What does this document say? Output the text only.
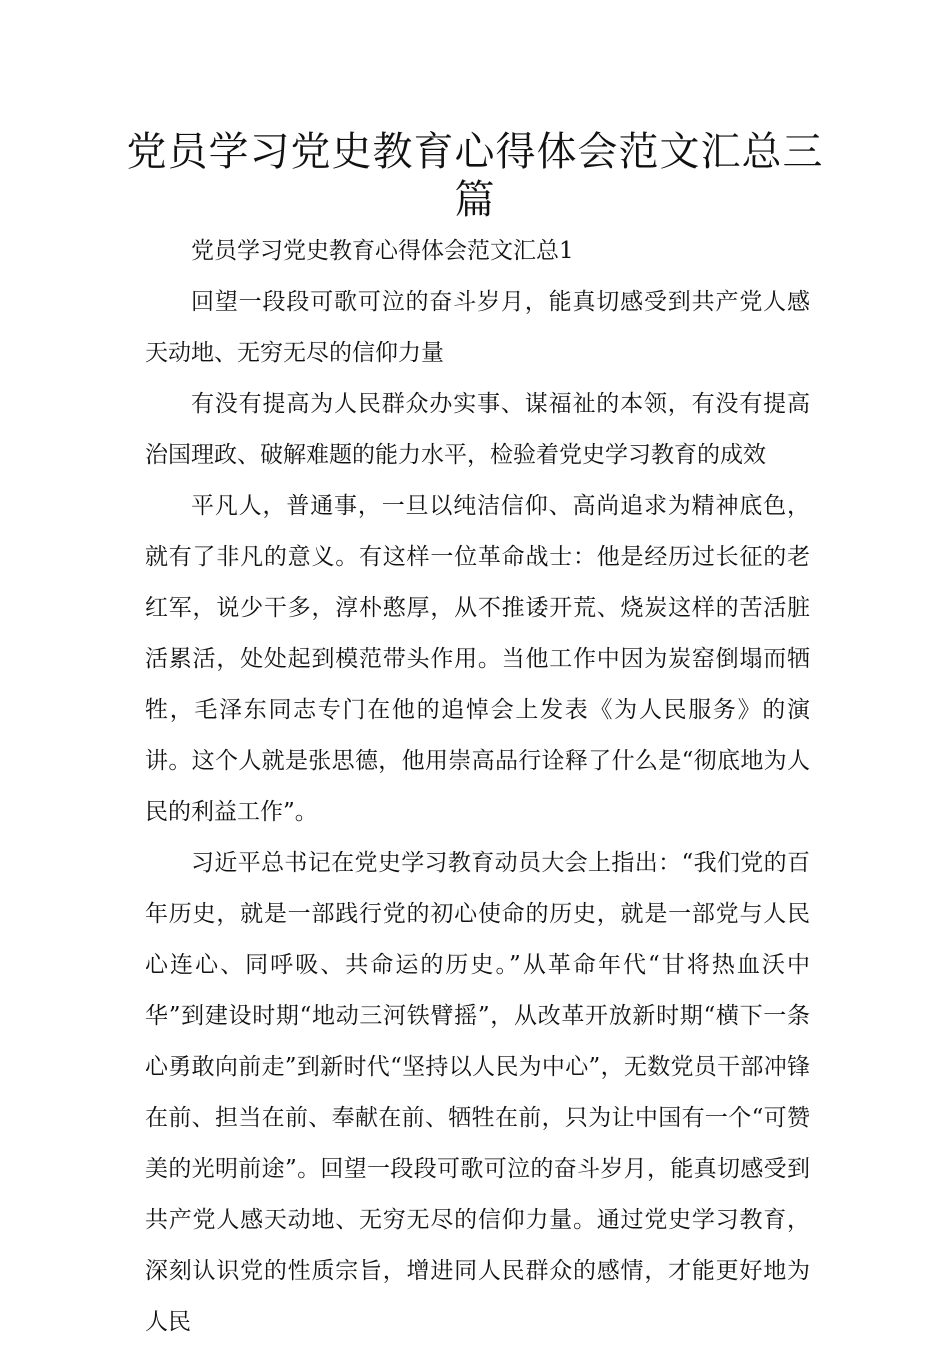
党员学习党史教育心得体会范文汇总三篇

党员学习党史教育心得体会范文汇总1

回望一段段可歌可泣的奋斗岁月，能真切感受到共产党人感天动地、无穷无尽的信仰力量

有没有提高为人民群众办实事、谋福祉的本领，有没有提高治国理政、破解难题的能力水平，检验着党史学习教育的成效

平凡人，普通事，一旦以纯洁信仰、高尚追求为精神底色，就有了非凡的意义。有这样一位革命战士：他是经历过长征的老红军，说少干多，淳朴憨厚，从不推诿开荒、烧炭这样的苦活脏活累活，处处起到模范带头作用。当他工作中因为炭窑倒塌而牺牲，毛泽东同志专门在他的追悼会上发表《为人民服务》的演讲。这个人就是张思德，他用崇高品行诠释了什么是“彻底地为人民的利益工作”。

习近平总书记在党史学习教育动员大会上指出：“我们党的百年历史，就是一部践行党的初心使命的历史，就是一部党与人民心连心、同呼吸、共命运的历史。”从革命年代“甘将热血沃中华”到建设时期“地动三河铁臂摇”，从改革开放新时期“横下一条心勇敢向前走”到新时代“坚持以人民为中心”，无数党员干部冲锋在前、担当在前、奉献在前、牺牲在前，只为让中国有一个“可赞美的光明前途”。回望一段段可歌可泣的奋斗岁月，能真切感受到共产党人感天动地、无穷无尽的信仰力量。通过党史学习教育，深刻认识党的性质宗旨，增进同人民群众的感情，才能更好地为人民
